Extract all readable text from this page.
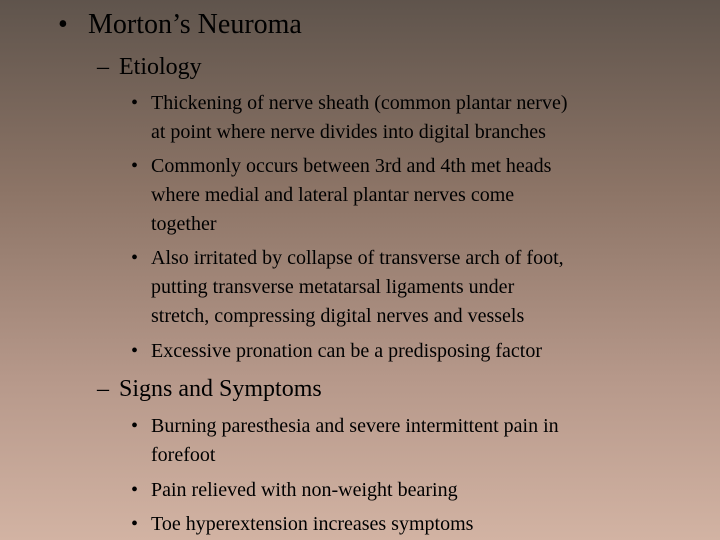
• Morton’s Neuroma
– Etiology
• Thickening of nerve sheath (common plantar nerve)
at point where nerve divides into digital branches
• Commonly occurs between 3rd and 4th met heads
where medial and lateral plantar nerves come
together
• Also irritated by collapse of transverse arch of foot,
putting transverse metatarsal ligaments under
stretch, compressing digital nerves and vessels
• Excessive pronation can be a predisposing factor
– Signs and Symptoms
• Burning paresthesia and severe intermittent pain in
forefoot
• Pain relieved with non-weight bearing
• Toe hyperextension increases symptoms
